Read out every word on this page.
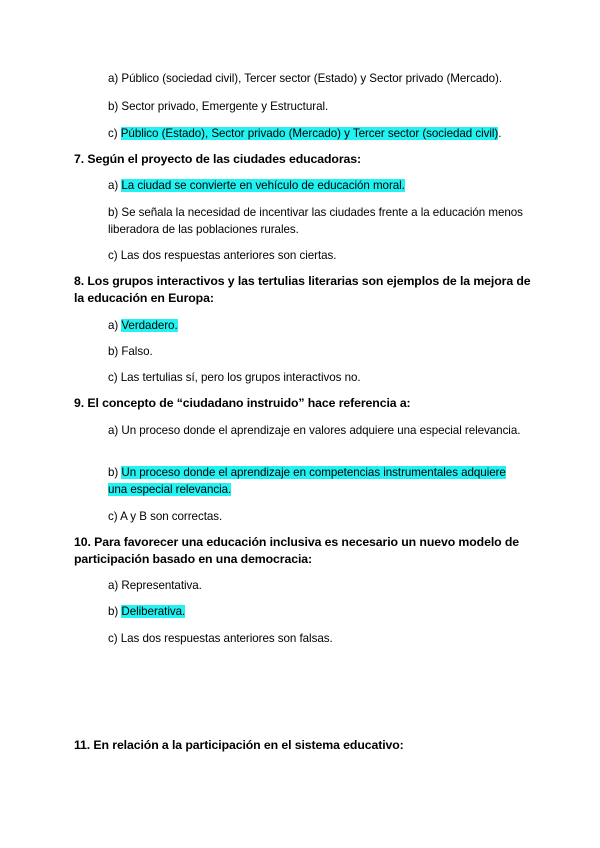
a) Público (sociedad civil), Tercer sector (Estado) y Sector privado (Mercado).
b) Sector privado, Emergente y Estructural.
c) Público (Estado), Sector privado (Mercado) y Tercer sector (sociedad civil).
7. Según el proyecto de las ciudades educadoras:
a) La ciudad se convierte en vehículo de educación moral.
b) Se señala la necesidad de incentivar las ciudades frente a la educación menos liberadora de las poblaciones rurales.
c) Las dos respuestas anteriores son ciertas.
8. Los grupos interactivos y las tertulias literarias son ejemplos de la mejora de la educación en Europa:
a) Verdadero.
b) Falso.
c) Las tertulias sí, pero los grupos interactivos no.
9. El concepto de “ciudadano instruido” hace referencia a:
a) Un proceso donde el aprendizaje en valores adquiere una especial relevancia.
b) Un proceso donde el aprendizaje en competencias instrumentales adquiere una especial relevancia.
c) A y B son correctas.
10. Para favorecer una educación inclusiva es necesario un nuevo modelo de participación basado en una democracia:
a) Representativa.
b) Deliberativa.
c) Las dos respuestas anteriores son falsas.
11. En relación a la participación en el sistema educativo:
